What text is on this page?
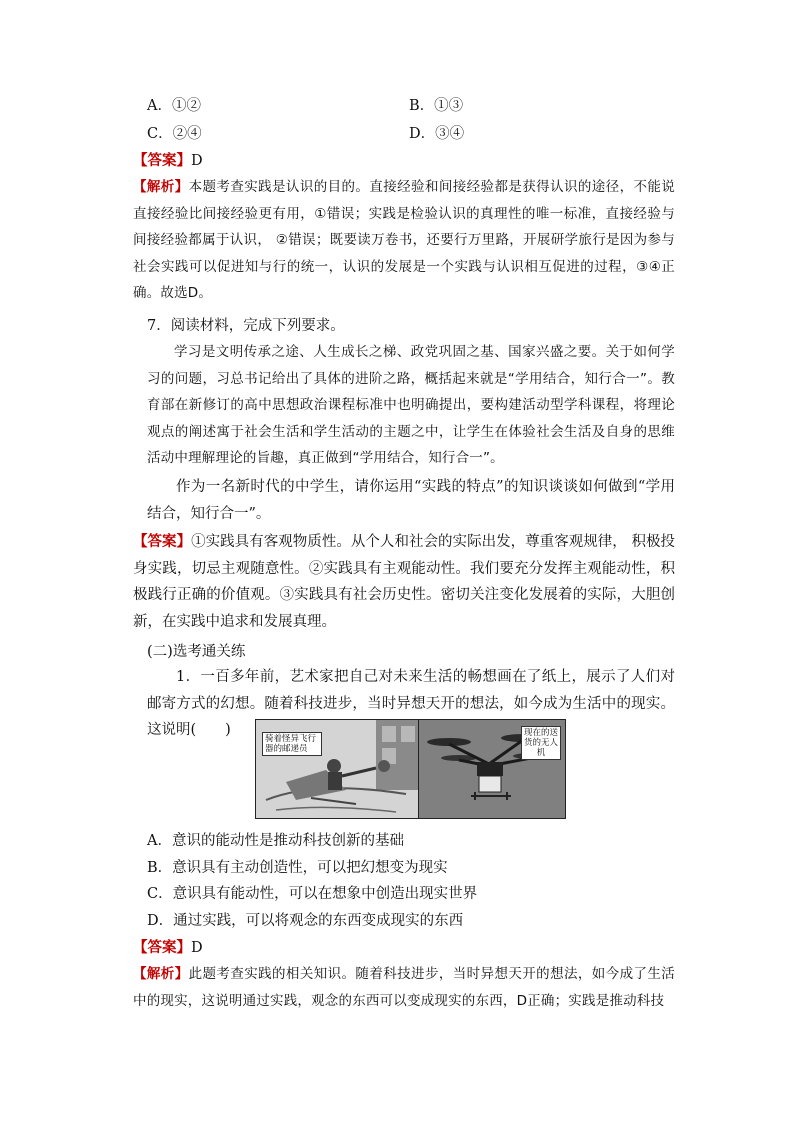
A．①②	B．①③
C．②④	D．③④
【答案】D
【解析】本题考查实践是认识的目的。直接经验和间接经验都是获得认识的途径，不能说直接经验比间接经验更有用，①错误；实践是检验认识的真理性的唯一标准，直接经验与间接经验都属于认识， ②错误；既要读万卷书，还要行万里路，开展研学旅行是因为参与社会实践可以促进知与行的统一，认识的发展是一个实践与认识相互促进的过程，③④正确。故选D。
7．阅读材料，完成下列要求。
学习是文明传承之途、人生成长之梯、政党巩固之基、国家兴盛之要。关于如何学习的问题，习总书记给出了具体的进阶之路，概括起来就是“学用结合，知行合一”。教育部在新修订的高中思想政治课程标准中也明确提出，要构建活动型学科课程，将理论观点的阐述寓于社会生活和学生活动的主题之中，让学生在体验社会生活及自身的思维活动中理解理论的旨趣，真正做到“学用结合，知行合一”。
作为一名新时代的中学生，请你运用“实践的特点”的知识谈谈如何做到“学用结合，知行合一”。
【答案】①实践具有客观物质性。从个人和社会的实际出发，尊重客观规律， 积极投身实践，切忌主观随意性。②实践具有主观能动性。我们要充分发挥主观能动性，积极践行正确的价值观。③实践具有社会历史性。密切关注变化发展着的实际，大胆创新，在实践中追求和发展真理。
(二)选考通关练
1．一百多年前，艺术家把自己对未来生活的畅想画在了纸上，展示了人们对邮寄方式的幻想。随着科技进步，当时异想天开的想法，如今成为生活中的现实。这说明(　　)
骑着怪异飞行器的邮递员
现在的送货的无人机
A．意识的能动性是推动科技创新的基础
B．意识具有主动创造性，可以把幻想变为现实
C．意识具有能动性，可以在想象中创造出现实世界
D．通过实践，可以将观念的东西变成现实的东西
【答案】D
【解析】此题考查实践的相关知识。随着科技进步，当时异想天开的想法，如今成了生活中的现实，这说明通过实践，观念的东西可以变成现实的东西，D正确；实践是推动科技
